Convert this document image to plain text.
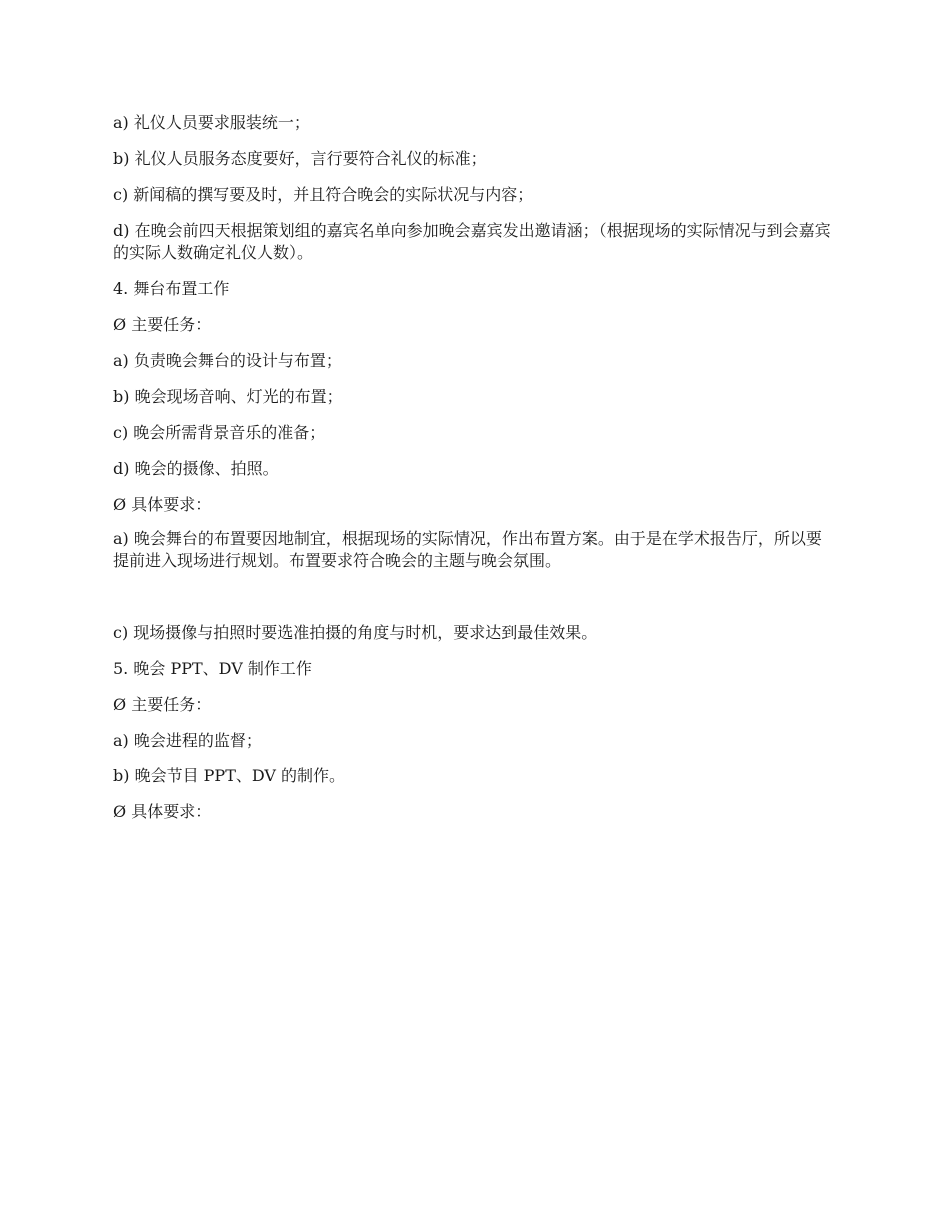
a) 礼仪人员要求服装统一；

b) 礼仪人员服务态度要好，言行要符合礼仪的标准；

c) 新闻稿的撰写要及时，并且符合晚会的实际状况与内容；

d) 在晚会前四天根据策划组的嘉宾名单向参加晚会嘉宾发出邀请涵；（根据现场的实际情况与到会嘉宾的实际人数确定礼仪人数）。

4. 舞台布置工作

Ø 主要任务：

a) 负责晚会舞台的设计与布置；

b) 晚会现场音响、灯光的布置；

c) 晚会所需背景音乐的准备；

d) 晚会的摄像、拍照。

Ø 具体要求：

a) 晚会舞台的布置要因地制宜，根据现场的实际情况，作出布置方案。由于是在学术报告厅，所以要提前进入现场进行规划。布置要求符合晚会的主题与晚会氛围。

c) 现场摄像与拍照时要选准拍摄的角度与时机，要求达到最佳效果。

5. 晚会 PPT、DV 制作工作

Ø 主要任务：

a) 晚会进程的监督；

b) 晚会节目 PPT、DV 的制作。

Ø 具体要求：
